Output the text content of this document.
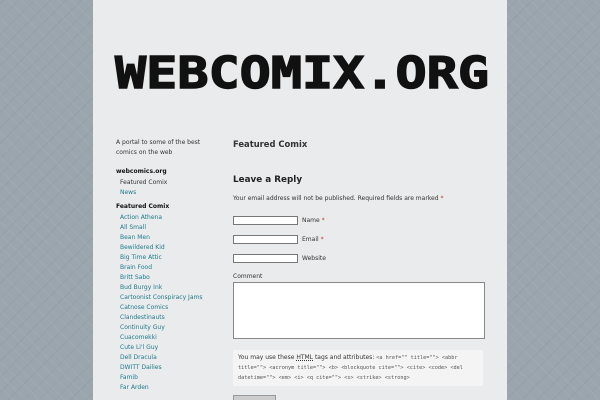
WEBCOMIX.ORG

A portal to some of the best comics on the web

webcomics.org
Featured Comix
News
Featured Comix
Action Athena
All Small
Bean Men
Bewildered Kid
Big Time Attic
Brain Food
Britt Sabo
Bud Burgy Ink
Cartoonist Conspiracy Jams
Catnose Comics
Clandestinauts
Continuity Guy
Cuacomekki
Cute Li'l Guy
Dell Dracula
DWITT Dailies
Famib
Far Arden
Featured Comix
Leave a Reply

Your email address will not be published. Required fields are marked *

Name
*
Email
*
Website
Comment
You may use these HTML tags and attributes: <a href="" title=""> <abbr title=""> <acronym title=""> <b> <blockquote cite=""> <cite> <code> <del datetime=""> <em> <i> <q cite=""> <s> <strike> <strong>
